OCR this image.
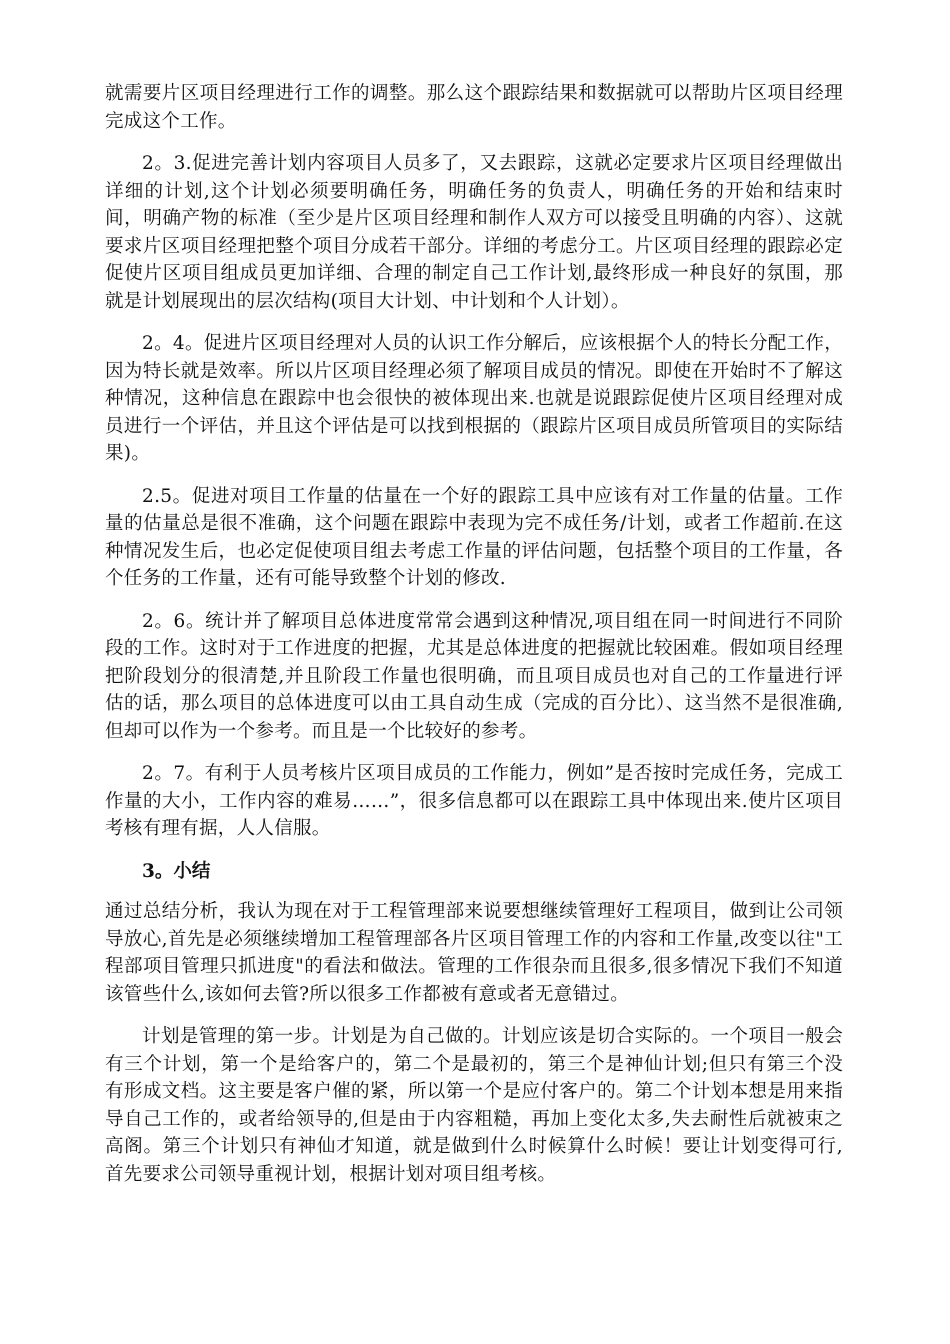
就需要片区项目经理进行工作的调整。那么这个跟踪结果和数据就可以帮助片区项目经理完成这个工作。

2。3.促进完善计划内容项目人员多了，又去跟踪，这就必定要求片区项目经理做出详细的计划,这个计划必须要明确任务，明确任务的负责人，明确任务的开始和结束时间，明确产物的标准（至少是片区项目经理和制作人双方可以接受且明确的内容）、这就要求片区项目经理把整个项目分成若干部分。详细的考虑分工。片区项目经理的跟踪必定促使片区项目组成员更加详细、合理的制定自己工作计划,最终形成一种良好的氛围，那就是计划展现出的层次结构(项目大计划、中计划和个人计划）。

2。4。促进片区项目经理对人员的认识工作分解后，应该根据个人的特长分配工作，因为特长就是效率。所以片区项目经理必须了解项目成员的情况。即使在开始时不了解这种情况，这种信息在跟踪中也会很快的被体现出来.也就是说跟踪促使片区项目经理对成员进行一个评估，并且这个评估是可以找到根据的（跟踪片区项目成员所管项目的实际结果)。

2.5。促进对项目工作量的估量在一个好的跟踪工具中应该有对工作量的估量。工作量的估量总是很不准确，这个问题在跟踪中表现为完不成任务/计划，或者工作超前.在这种情况发生后，也必定促使项目组去考虑工作量的评估问题，包括整个项目的工作量，各个任务的工作量，还有可能导致整个计划的修改.

2。6。统计并了解项目总体进度常常会遇到这种情况,项目组在同一时间进行不同阶段的工作。这时对于工作进度的把握，尤其是总体进度的把握就比较困难。假如项目经理把阶段划分的很清楚,并且阶段工作量也很明确，而且项目成员也对自己的工作量进行评估的话，那么项目的总体进度可以由工具自动生成（完成的百分比）、这当然不是很准确,但却可以作为一个参考。而且是一个比较好的参考。

2。7。有利于人员考核片区项目成员的工作能力，例如”是否按时完成任务，完成工作量的大小，工作内容的难易……”，很多信息都可以在跟踪工具中体现出来.使片区项目考核有理有据，人人信服。

3。小结

通过总结分析，我认为现在对于工程管理部来说要想继续管理好工程项目，做到让公司领导放心,首先是必须继续增加工程管理部各片区项目管理工作的内容和工作量,改变以往"工程部项目管理只抓进度"的看法和做法。管理的工作很杂而且很多,很多情况下我们不知道该管些什么,该如何去管?所以很多工作都被有意或者无意错过。

计划是管理的第一步。计划是为自己做的。计划应该是切合实际的。一个项目一般会有三个计划，第一个是给客户的，第二个是最初的，第三个是神仙计划;但只有第三个没有形成文档。这主要是客户催的紧，所以第一个是应付客户的。第二个计划本想是用来指导自己工作的，或者给领导的,但是由于内容粗糙，再加上变化太多,失去耐性后就被束之高阁。第三个计划只有神仙才知道，就是做到什么时候算什么时候！要让计划变得可行,首先要求公司领导重视计划，根据计划对项目组考核。
